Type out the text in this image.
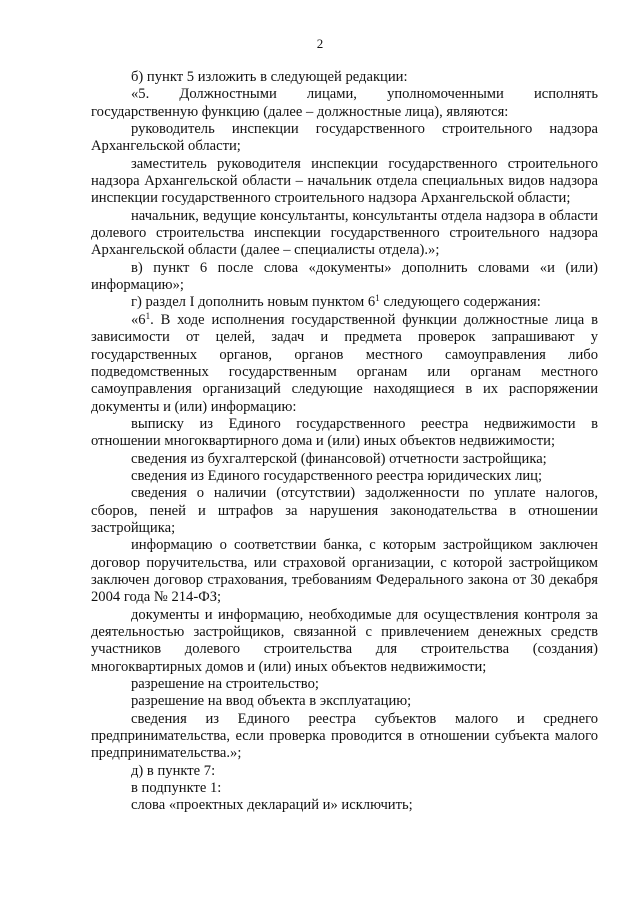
2

б) пункт 5 изложить в следующей редакции:

«5. Должностными лицами, уполномоченными исполнять государственную функцию (далее – должностные лица), являются:

руководитель инспекции государственного строительного надзора Архангельской области;

заместитель руководителя инспекции государственного строительного надзора Архангельской области – начальник отдела специальных видов надзора инспекции государственного строительного надзора Архангельской области;

начальник, ведущие консультанты, консультанты отдела надзора в области долевого строительства инспекции государственного строительного надзора Архангельской области (далее – специалисты отдела).»;

в) пункт 6 после слова «документы» дополнить словами «и (или) информацию»;

г) раздел I дополнить новым пунктом $6^1$ следующего содержания:

«$6^1$. В ходе исполнения государственной функции должностные лица в зависимости от целей, задач и предмета проверок запрашивают у государственных органов, органов местного самоуправления либо подведомственных государственным органам или органам местного самоуправления организаций следующие находящиеся в их распоряжении документы и (или) информацию:

выписку из Единого государственного реестра недвижимости в отношении многоквартирного дома и (или) иных объектов недвижимости;

сведения из бухгалтерской (финансовой) отчетности застройщика;

сведения из Единого государственного реестра юридических лиц;

сведения о наличии (отсутствии) задолженности по уплате налогов, сборов, пеней и штрафов за нарушения законодательства в отношении застройщика;

информацию о соответствии банка, с которым застройщиком заключен договор поручительства, или страховой организации, с которой застройщиком заключен договор страхования, требованиям Федерального закона от 30 декабря 2004 года № 214-ФЗ;

документы и информацию, необходимые для осуществления контроля за деятельностью застройщиков, связанной с привлечением денежных средств участников долевого строительства для строительства (создания) многоквартирных домов и (или) иных объектов недвижимости;

разрешение на строительство;

разрешение на ввод объекта в эксплуатацию;

сведения из Единого реестра субъектов малого и среднего предпринимательства, если проверка проводится в отношении субъекта малого предпринимательства.»;

д) в пункте 7:

в подпункте 1:

слова «проектных деклараций и» исключить;
